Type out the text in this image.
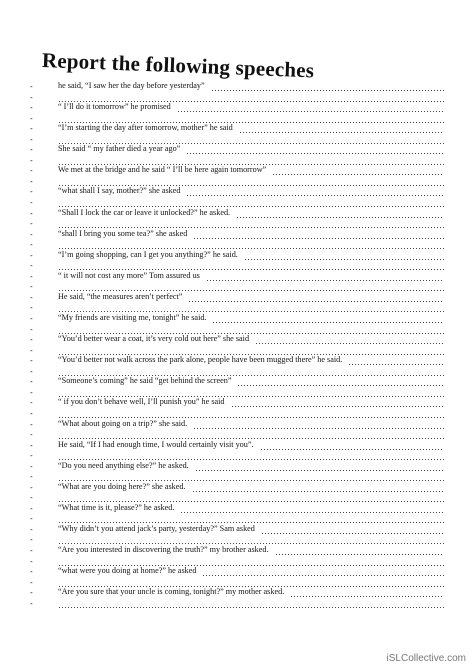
Report the following speeches
-	he said, “I saw her the day before yesterday”
-
-	“ I’ll do it tomorrow” he promised
-
-	“I’m starting the day after tomorrow, mother” he said
-
-	She said “ my father died a year ago”
-
-	We met at the bridge and he said “ I’ll be here again tomorrow”
-
-	“what shall I say, mother?” she asked
-
-	“Shall I lock the car or leave it unlocked?” he asked.
-
-	“shall I bring you some tea?” she asked
-
-	“I’m going shopping, can I get you anything?” he said.
-
-	“ it will not cost any more” Tom assured us
-
-	He said, “the measures aren’t perfect”
-
-	“My friends are visiting me, tonight” he said.
-
-	“You’d better wear a coat, it’s very cold out here” she said
-
-	“You’d better not walk across the park alone, people have been mugged there” he said.
-
-	“Someone’s coming” he said “get behind the screen”
-
-	“ if you don’t behave well, I’ll punish you” he said
-
-	“What about going on a trip?” she said.
-
-	He said, “If I had enough time, I would certainly visit you”.
-
-	“Do you need anything else?” he asked.
-
-	“What are you doing here?” she asked.
-
-	“What time is it, please?” he asked.
-
-	“Why didn’t you attend jack’s party, yesterday?” Sam asked
-
-	“Are you interested in discovering the truth?” my brother asked.
-
-	“what were you doing at home?” he asked
-
-	“Are you sure that your uncle is coming, tonight?” my mother asked.
-
iSLCollective.com
